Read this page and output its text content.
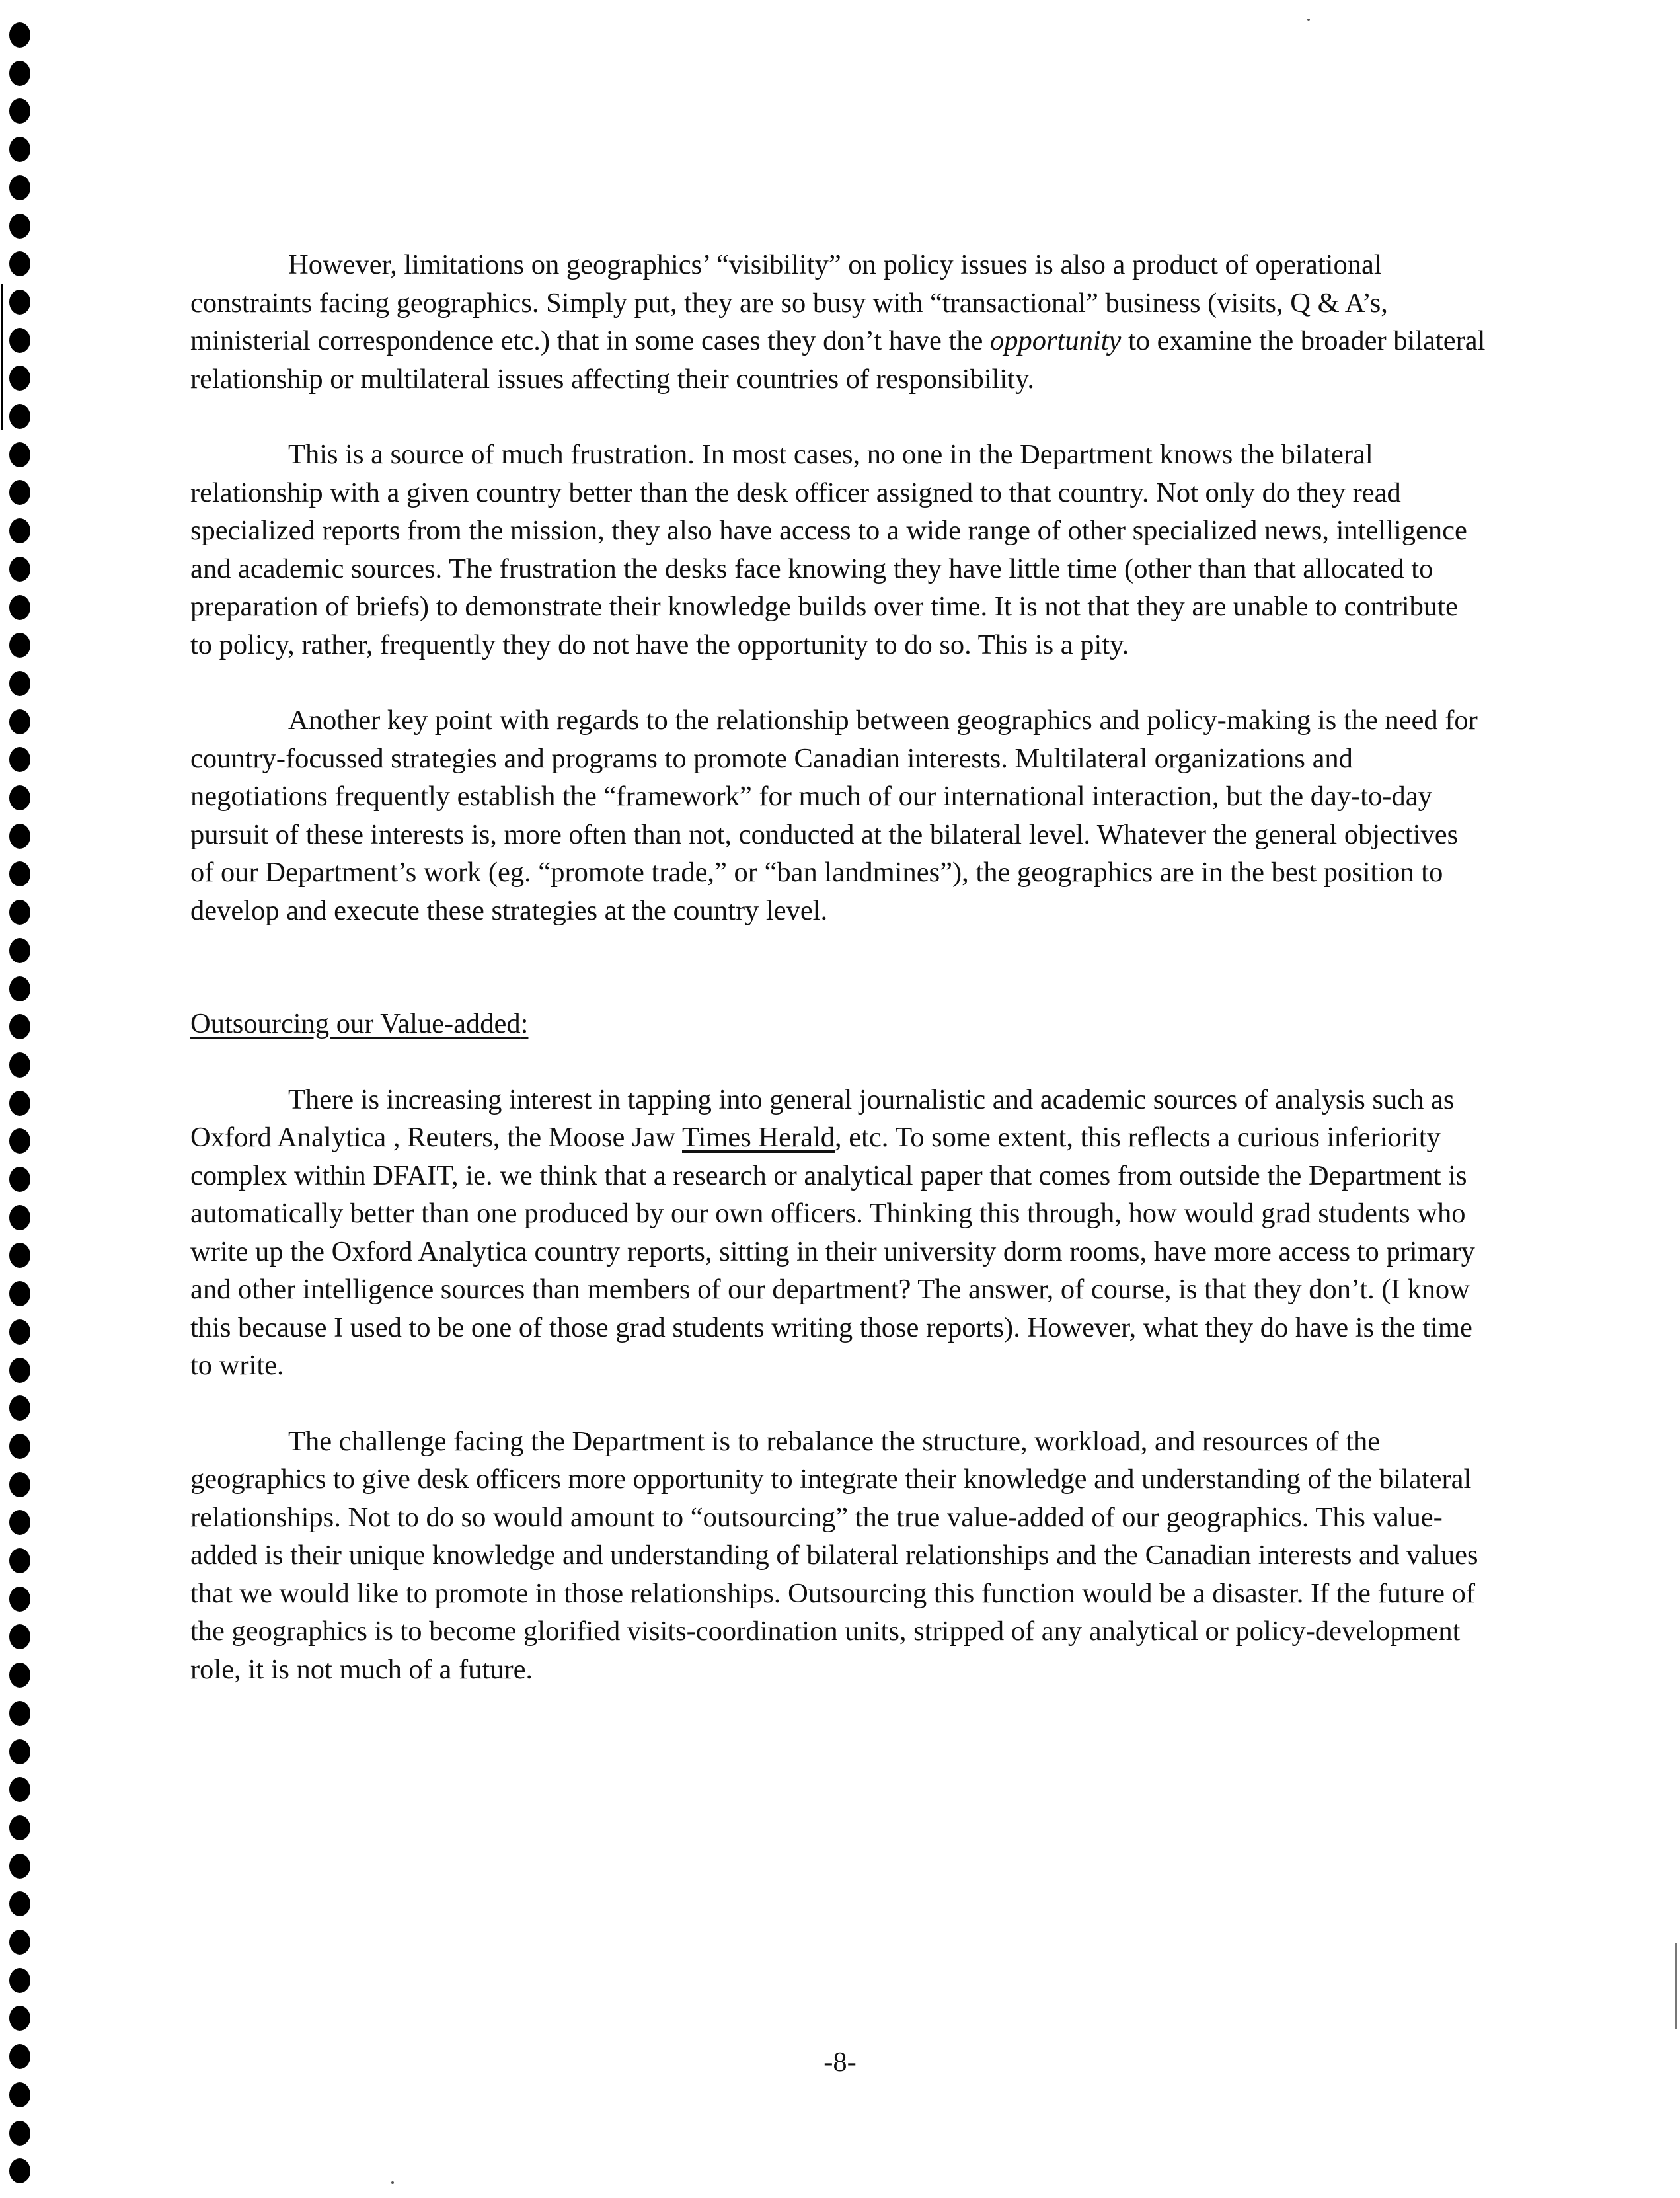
However, limitations on geographics’ “visibility” on policy issues is also a product of operational constraints facing geographics. Simply put, they are so busy with “transactional” business (visits, Q & A’s, ministerial correspondence etc.) that in some cases they don’t have the opportunity to examine the broader bilateral relationship or multilateral issues affecting their countries of responsibility.

This is a source of much frustration. In most cases, no one in the Department knows the bilateral relationship with a given country better than the desk officer assigned to that country. Not only do they read specialized reports from the mission, they also have access to a wide range of other specialized news, intelligence and academic sources. The frustration the desks face knowing they have little time (other than that allocated to preparation of briefs) to demonstrate their knowledge builds over time. It is not that they are unable to contribute to policy, rather, frequently they do not have the opportunity to do so. This is a pity.

Another key point with regards to the relationship between geographics and policy-making is the need for country-focussed strategies and programs to promote Canadian interests. Multilateral organizations and negotiations frequently establish the “framework” for much of our international interaction, but the day-to-day pursuit of these interests is, more often than not, conducted at the bilateral level. Whatever the general objectives of our Department’s work (eg. “promote trade,” or “ban landmines”), the geographics are in the best position to develop and execute these strategies at the country level.

Outsourcing our Value-added:

There is increasing interest in tapping into general journalistic and academic sources of analysis such as Oxford Analytica , Reuters, the Moose Jaw Times Herald, etc. To some extent, this reflects a curious inferiority complex within DFAIT, ie. we think that a research or analytical paper that comes from outside the Department is automatically better than one produced by our own officers. Thinking this through, how would grad students who write up the Oxford Analytica country reports, sitting in their university dorm rooms, have more access to primary and other intelligence sources than members of our department? The answer, of course, is that they don’t. (I know this because I used to be one of those grad students writing those reports). However, what they do have is the time to write.

The challenge facing the Department is to rebalance the structure, workload, and resources of the geographics to give desk officers more opportunity to integrate their knowledge and understanding of the bilateral relationships. Not to do so would amount to “outsourcing” the true value-added of our geographics. This value-added is their unique knowledge and understanding of bilateral relationships and the Canadian interests and values that we would like to promote in those relationships. Outsourcing this function would be a disaster. If the future of the geographics is to become glorified visits-coordination units, stripped of any analytical or policy-development role, it is not much of a future.

-8-
